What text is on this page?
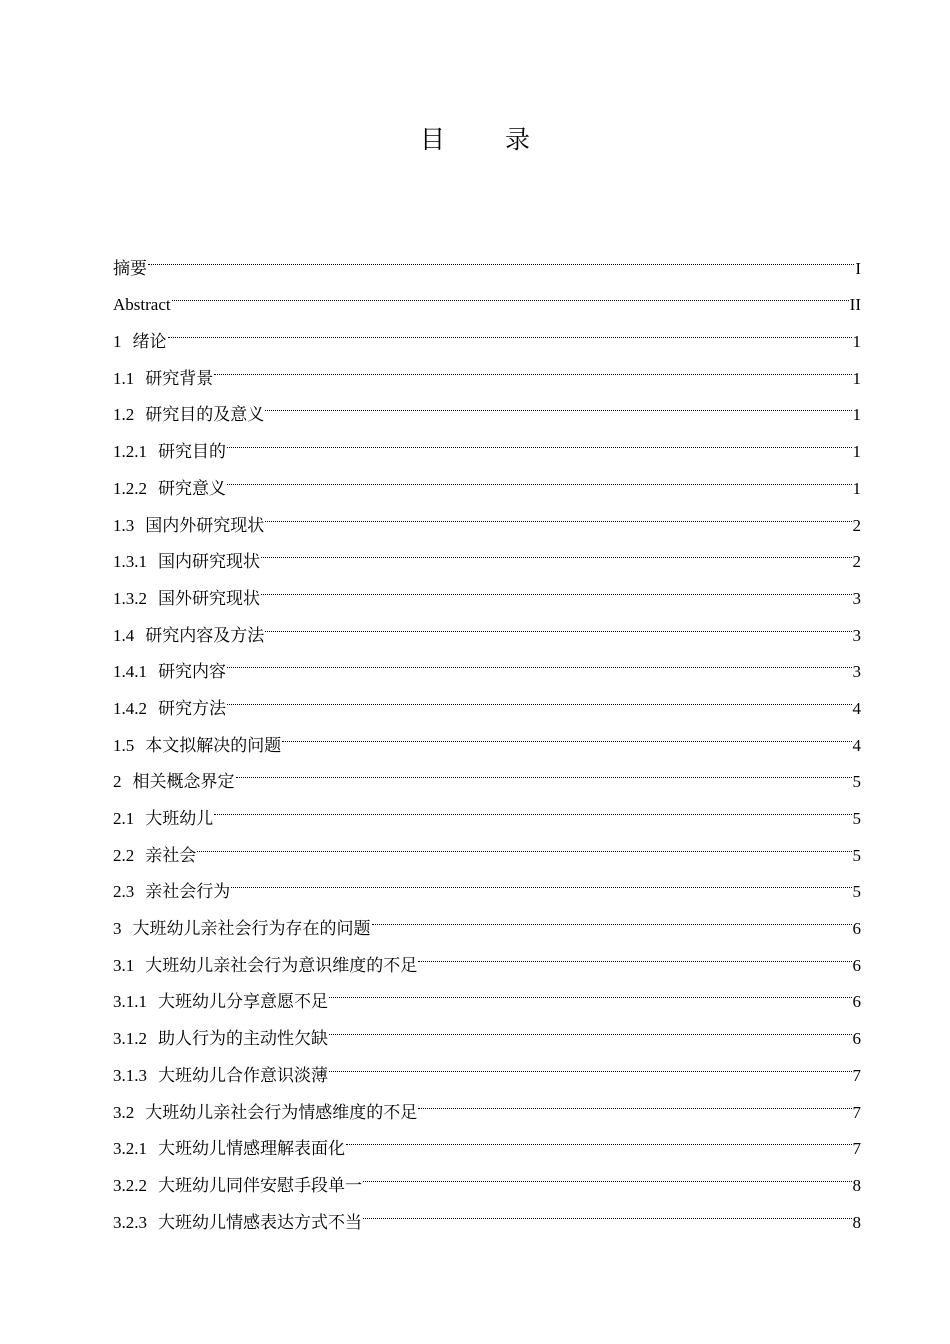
目 录
摘要	I
Abstract	II
1 绪论	1
1.1 研究背景	1
1.2 研究目的及意义	1
1.2.1 研究目的	1
1.2.2 研究意义	1
1.3 国内外研究现状	2
1.3.1 国内研究现状	2
1.3.2 国外研究现状	3
1.4 研究内容及方法	3
1.4.1 研究内容	3
1.4.2 研究方法	4
1.5 本文拟解决的问题	4
2 相关概念界定	5
2.1 大班幼儿	5
2.2 亲社会	5
2.3 亲社会行为	5
3 大班幼儿亲社会行为存在的问题	6
3.1 大班幼儿亲社会行为意识维度的不足	6
3.1.1 大班幼儿分享意愿不足	6
3.1.2 助人行为的主动性欠缺	6
3.1.3 大班幼儿合作意识淡薄	7
3.2 大班幼儿亲社会行为情感维度的不足	7
3.2.1 大班幼儿情感理解表面化	7
3.2.2 大班幼儿同伴安慰手段单一	8
3.2.3 大班幼儿情感表达方式不当	8
